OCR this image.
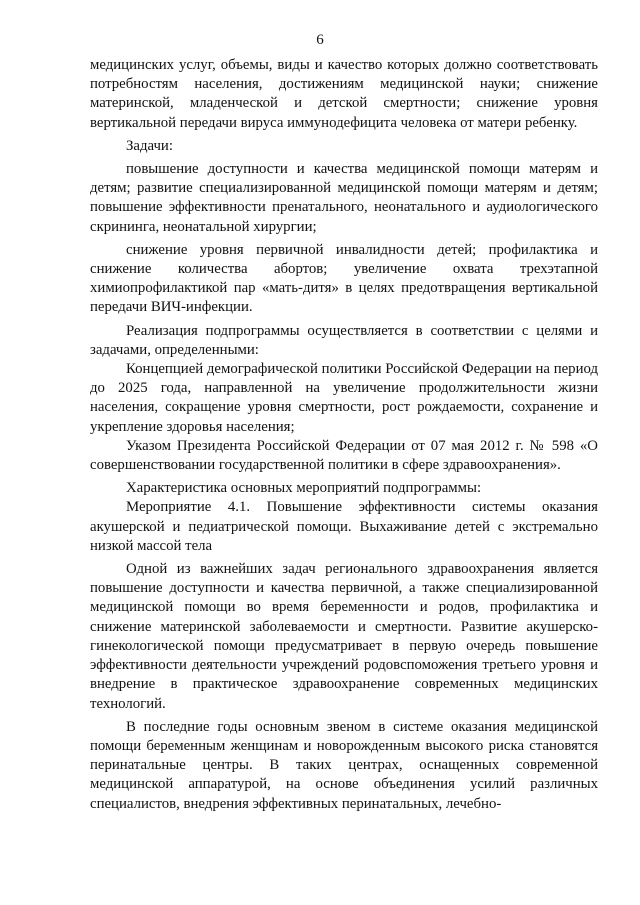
6

медицинских услуг, объемы, виды и качество которых должно соответствовать потребностям населения, достижениям медицинской науки; снижение материнской, младенческой и детской смертности; снижение уровня вертикальной передачи вируса иммунодефицита человека от матери ребенку.

Задачи:

повышение доступности и качества медицинской помощи матерям и детям; развитие специализированной медицинской помощи матерям и детям; повышение эффективности пренатального, неонатального и аудиологического скрининга, неонатальной хирургии;

снижение уровня первичной инвалидности детей; профилактика и снижение количества абортов; увеличение охвата трехэтапной химиопрофилактикой пар «мать-дитя» в целях предотвращения вертикальной передачи ВИЧ-инфекции.

Реализация подпрограммы осуществляется в соответствии с целями и задачами, определенными:

Концепцией демографической политики Российской Федерации на период до 2025 года, направленной на увеличение продолжительности жизни населения, сокращение уровня смертности, рост рождаемости, сохранение и укрепление здоровья населения;

Указом Президента Российской Федерации от 07 мая 2012 г. № 598 «О совершенствовании государственной политики в сфере здравоохранения».

Характеристика основных мероприятий подпрограммы:

Мероприятие 4.1. Повышение эффективности системы оказания акушерской и педиатрической помощи. Выхаживание детей с экстремально низкой массой тела

Одной из важнейших задач регионального здравоохранения является повышение доступности и качества первичной, а также специализированной медицинской помощи во время беременности и родов, профилактика и снижение материнской заболеваемости и смертности. Развитие акушерско-гинекологической помощи предусматривает в первую очередь повышение эффективности деятельности учреждений родовспоможения третьего уровня и внедрение в практическое здравоохранение современных медицинских технологий.

В последние годы основным звеном в системе оказания медицинской помощи беременным женщинам и новорожденным высокого риска становятся перинатальные центры. В таких центрах, оснащенных современной медицинской аппаратурой, на основе объединения усилий различных специалистов, внедрения эффективных перинатальных, лечебно-
